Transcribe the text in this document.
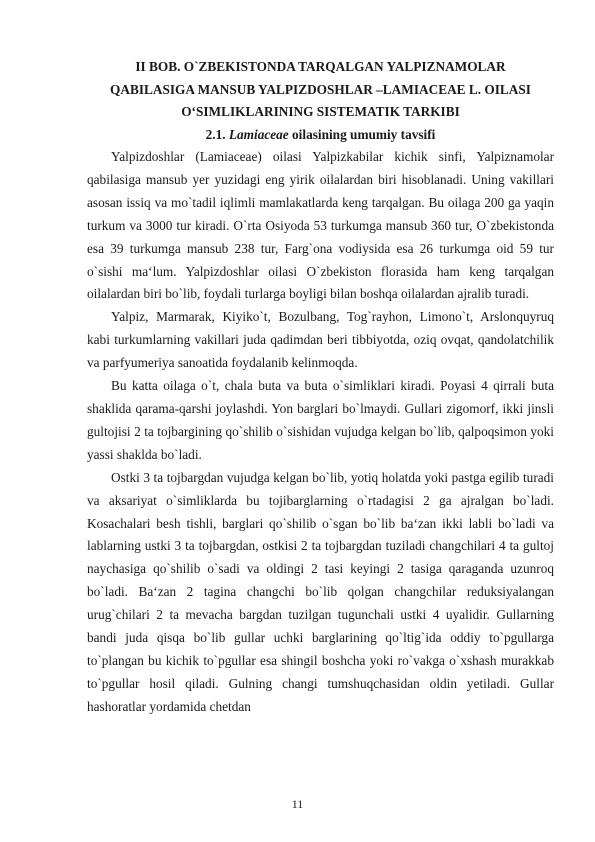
II BOB. O`ZBEKISTONDA TARQALGAN YALPIZNAMOLAR

QABILASIGA MANSUB YALPIZDOSHLAR –LAMIACEAE L. OILASI

O‘SIMLIKLARINING SISTEMATIK TARKIBI

2.1. Lamiaceae oilasining umumiy tavsifi

Yalpizdoshlar (Lamiaceae) oilasi Yalpizkabilar kichik sinfi, Yalpiznamolar qabilasiga mansub yer yuzidagi eng yirik oilalardan biri hisoblanadi. Uning vakillari asosan issiq va mo`tadil iqlimli mamlakatlarda keng tarqalgan. Bu oilaga 200 ga yaqin turkum va 3000 tur kiradi. O`rta Osiyoda 53 turkumga mansub 360 tur, O`zbekistonda esa 39 turkumga mansub 238 tur, Farg`ona vodiysida esa 26 turkumga oid 59 tur o`sishi ma‘lum. Yalpizdoshlar oilasi O`zbekiston florasida ham keng tarqalgan oilalardan biri bo`lib, foydali turlarga boyligi bilan boshqa oilalardan ajralib turadi.

Yalpiz, Marmarak, Kiyiko`t, Bozulbang, Tog`rayhon, Limono`t, Arslonquyruq kabi turkumlarning vakillari juda qadimdan beri tibbiyotda, oziq ovqat, qandolatchilik va parfyumeriya sanoatida foydalanib kelinmoqda.

Bu katta oilaga o`t, chala buta va buta o`simliklari kiradi. Poyasi 4 qirrali buta shaklida qarama-qarshi joylashdi. Yon barglari bo`lmaydi. Gullari zigomorf, ikki jinsli gultojisi 2 ta tojbargining qo`shilib o`sishidan vujudga kelgan bo`lib, qalpoqsimon yoki yassi shaklda bo`ladi.

Ostki 3 ta tojbargdan vujudga kelgan bo`lib, yotiq holatda yoki pastga egilib turadi va aksariyat o`simliklarda bu tojibarglarning o`rtadagisi 2 ga ajralgan bo`ladi. Kosachalari besh tishli, barglari qo`shilib o`sgan bo`lib ba‘zan ikki labli bo`ladi va lablarning ustki 3 ta tojbargdan, ostkisi 2 ta tojbargdan tuziladi changchilari 4 ta gultoj naychasiga qo`shilib o`sadi va oldingi 2 tasi keyingi 2 tasiga qaraganda uzunroq bo`ladi. Ba‘zan 2 tagina changchi bo`lib qolgan changchilar reduksiyalangan urug`chilari 2 ta mevacha bargdan tuzilgan tugunchali ustki 4 uyalidir. Gullarning bandi juda qisqa bo`lib gullar uchki barglarining qo`ltig`ida oddiy to`pgullarga to`plangan bu kichik to`pgullar esa shingil boshcha yoki ro`vakga o`xshash murakkab to`pgullar hosil qiladi. Gulning changi tumshuqchasidan oldin yetiladi. Gullar hashoratlar yordamida chetdan

11
